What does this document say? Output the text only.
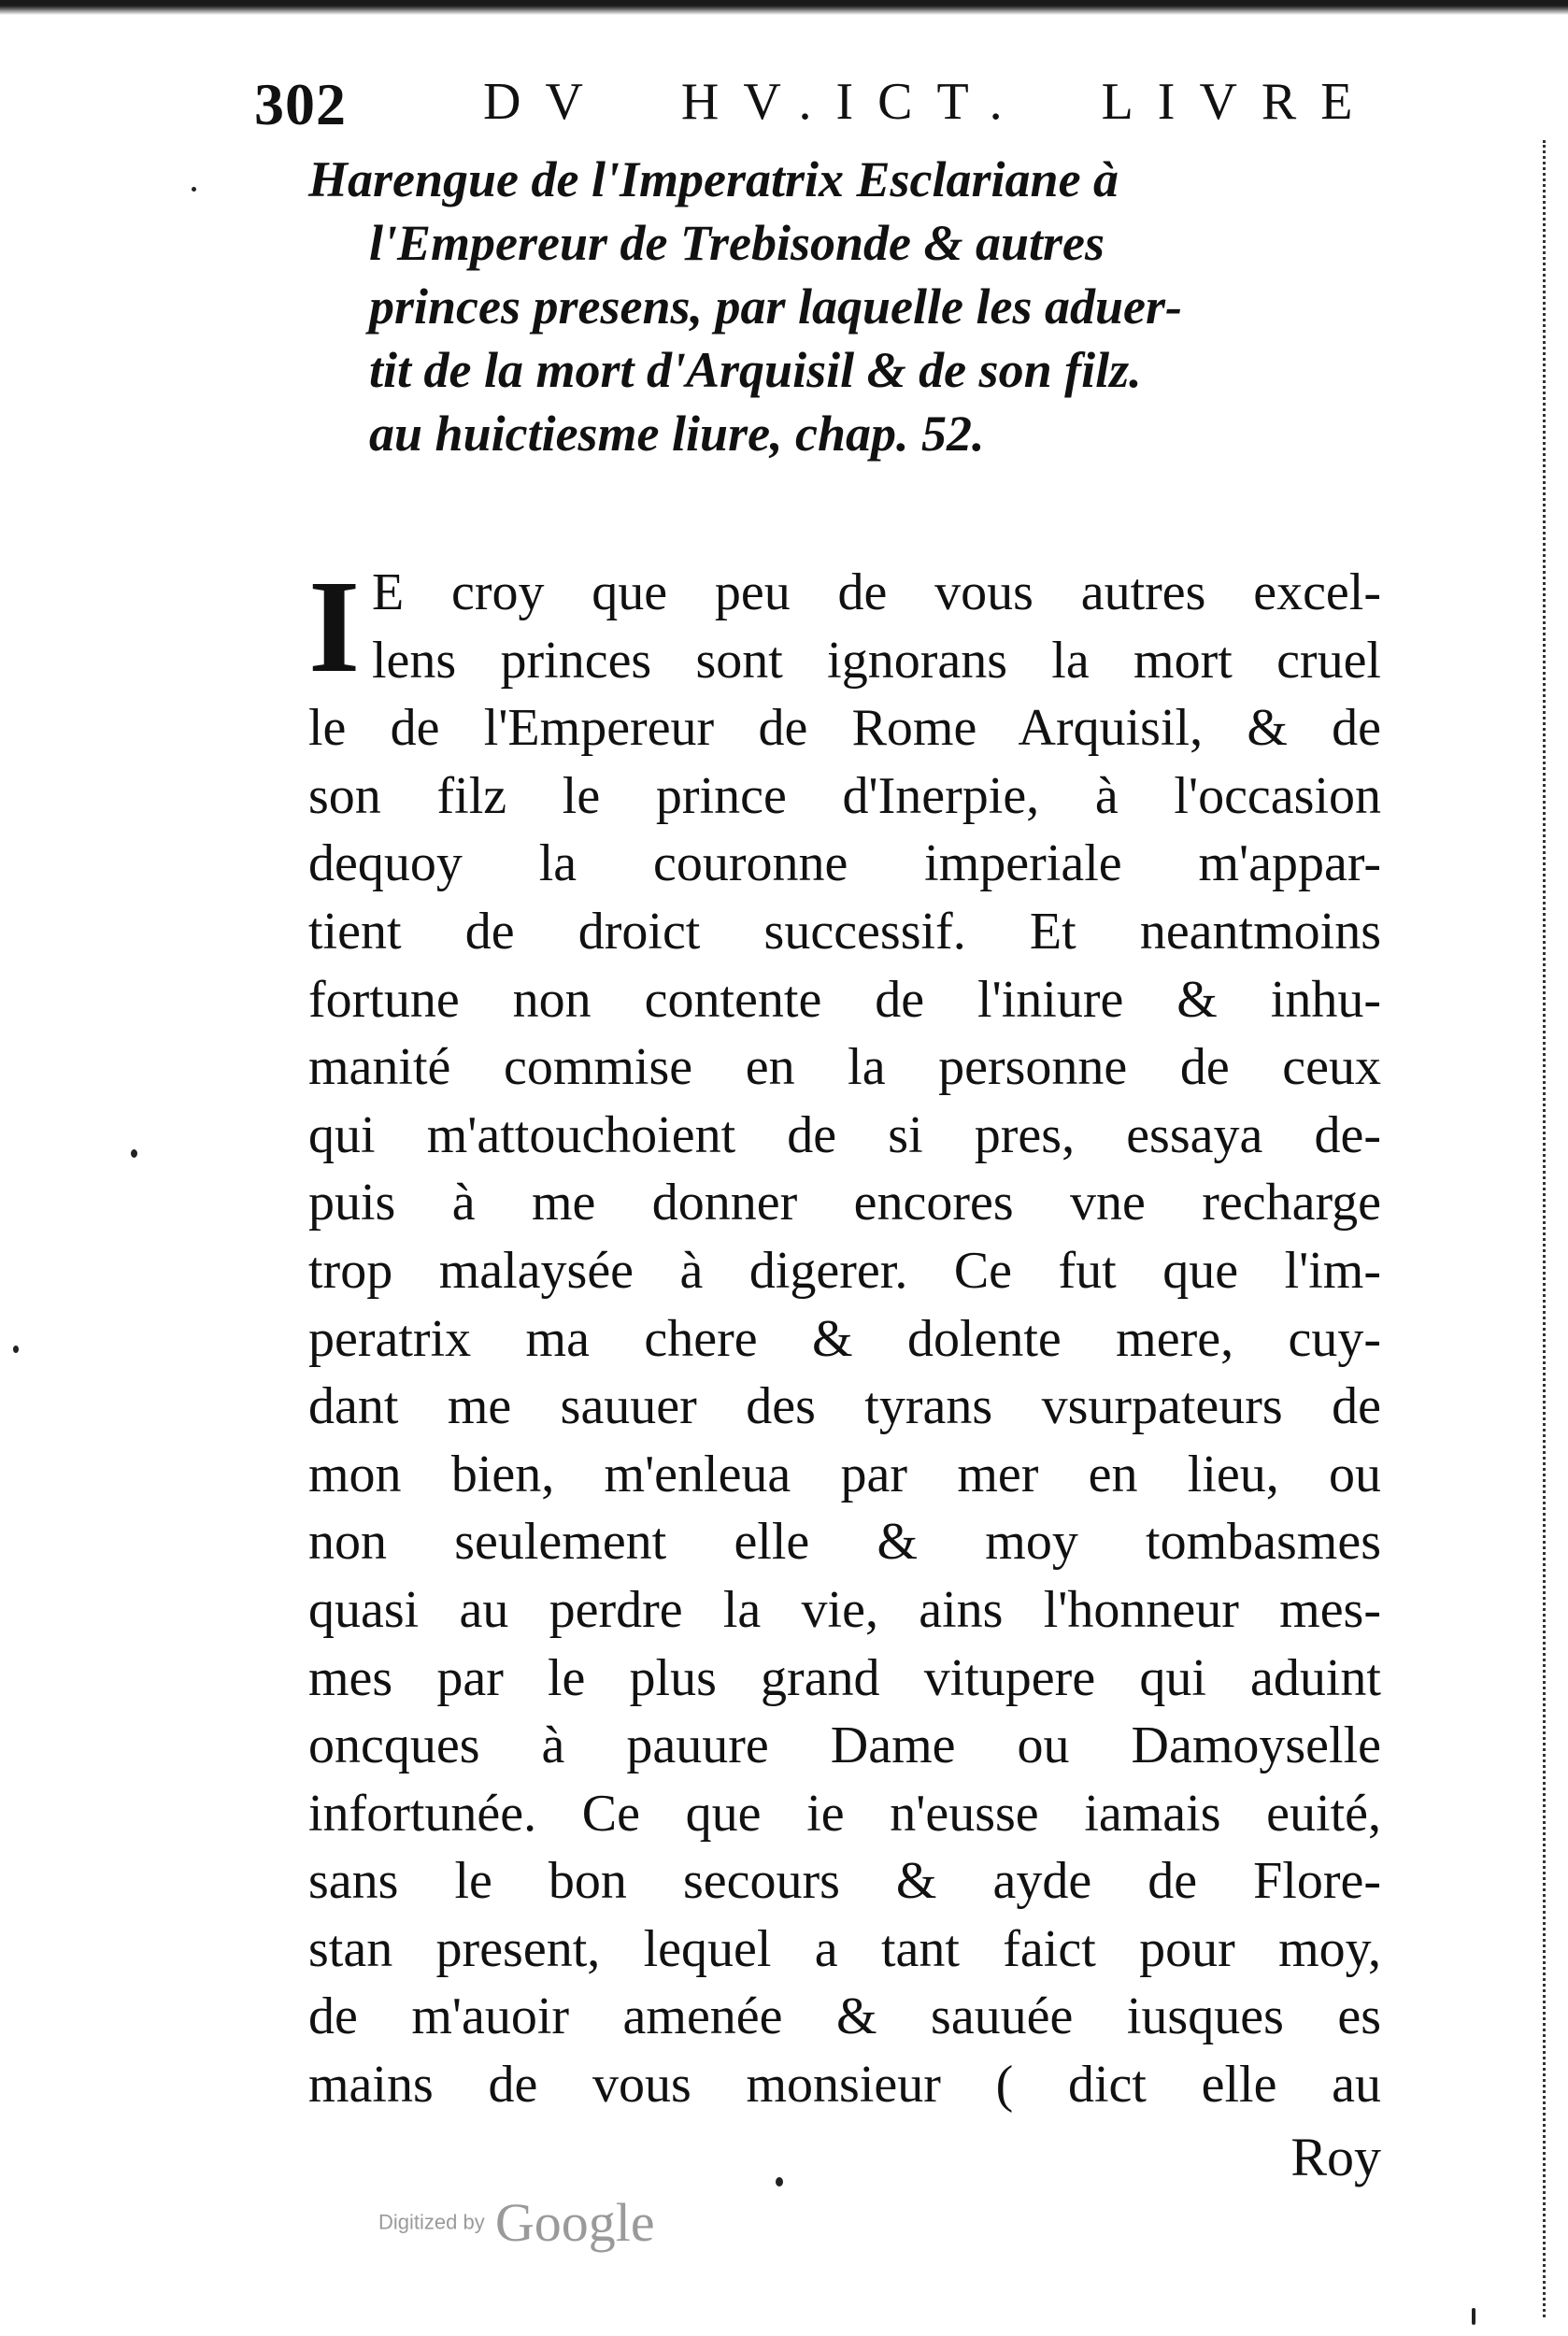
302	DV HV.ICT. LIVRE
Harengue de l'Imperatrix Esclariane à
l'Empereur de Trebisonde & autres
princes presens, par laquelle les aduer-
tit de la mort d'Arquisil & de son filz.
au huictiesme liure, chap. 52.
I E croy que peu de vous autres excel-
lens princes sont ignorans la mort cruel
le de l'Empereur de Rome Arquisil, & de
son filz le prince d'Inerpie, à l'occasion
dequoy la couronne imperiale m'appar-
tient de droict successif. Et neantmoins
fortune non contente de l'iniure & inhu-
manité commise en la personne de ceux
qui m'attouchoient de si pres, essaya de-
puis à me donner encores vne recharge
trop malaysée à digerer. Ce fut que l'im-
peratrix ma chere & dolente mere, cuy-
dant me sauuer des tyrans vsurpateurs de
mon bien, m'enleua par mer en lieu, ou
non seulement elle & moy tombasmes
quasi au perdre la vie, ains l'honneur mes-
mes par le plus grand vitupere qui aduint
oncques à pauure Dame ou Damoyselle
infortunée. Ce que ie n'eusse iamais euité,
sans le bon secours & ayde de Flore-
stan present, lequel a tant faict pour moy,
de m'auoir amenée & sauuée iusques es
mains de vous monsieur ( dict elle au
Roy
Digitized by Google
